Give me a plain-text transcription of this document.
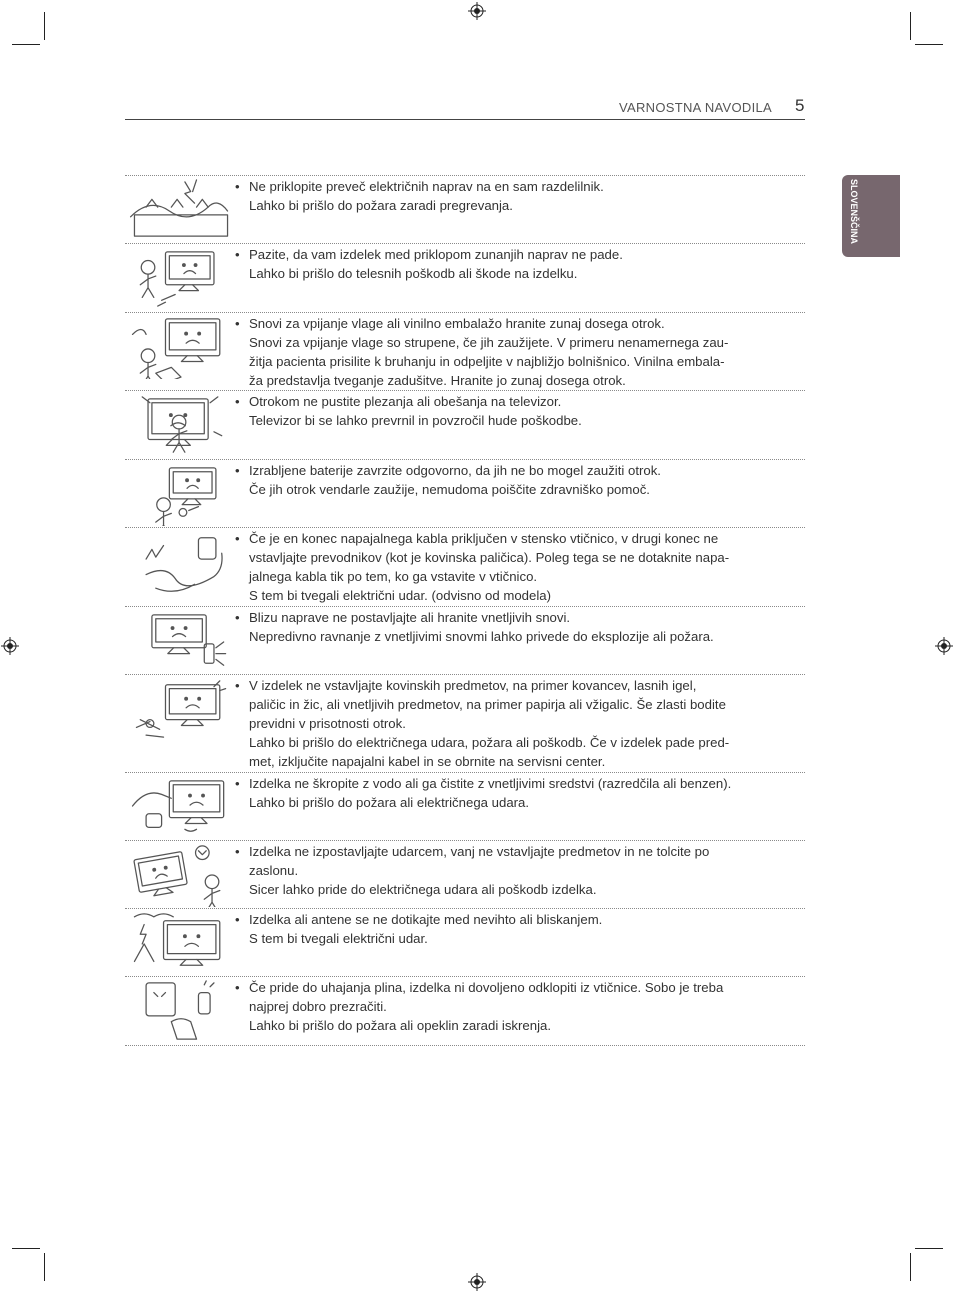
VARNOSTNA NAVODILA 5
SLOVENŠČINA
• Ne priklopite preveč električnih naprav na en sam razdelilnik.
Lahko bi prišlo do požara zaradi pregrevanja.
• Pazite, da vam izdelek med priklopom zunanjih naprav ne pade.
Lahko bi prišlo do telesnih poškodb ali škode na izdelku.
• Snovi za vpijanje vlage ali vinilno embalažo hranite zunaj dosega otrok.
Snovi za vpijanje vlage so strupene, če jih zaužijete. V primeru nenamernega zau-
žitja pacienta prisilite k bruhanju in odpeljite v najbližjo bolnišnico. Vinilna embala-
ža predstavlja tveganje zadušitve. Hranite jo zunaj dosega otrok.
• Otrokom ne pustite plezanja ali obešanja na televizor.
Televizor bi se lahko prevrnil in povzročil hude poškodbe.
• Izrabljene baterije zavrzite odgovorno, da jih ne bo mogel zaužiti otrok.
Če jih otrok vendarle zaužije, nemudoma poiščite zdravniško pomoč.
• Če je en konec napajalnega kabla priključen v stensko vtičnico, v drugi konec ne
vstavljajte prevodnikov (kot je kovinska paličica). Poleg tega se ne dotaknite napa-
jalnega kabla tik po tem, ko ga vstavite v vtičnico.
S tem bi tvegali električni udar. (odvisno od modela)
• Blizu naprave ne postavljajte ali hranite vnetljivih snovi.
Nepredivno ravnanje z vnetljivimi snovmi lahko privede do eksplozije ali požara.
• V izdelek ne vstavljajte kovinskih predmetov, na primer kovancev, lasnih igel,
paličic in žic, ali vnetljivih predmetov, na primer papirja ali vžigalic. Še zlasti bodite
previdni v prisotnosti otrok.
Lahko bi prišlo do električnega udara, požara ali poškodb. Če v izdelek pade pred-
met, izključite napajalni kabel in se obrnite na servisni center.
• Izdelka ne škropite z vodo ali ga čistite z vnetljivimi sredstvi (razredčila ali benzen).
Lahko bi prišlo do požara ali električnega udara.
• Izdelka ne izpostavljajte udarcem, vanj ne vstavljajte predmetov in ne tolcite po
zaslonu.
Sicer lahko pride do električnega udara ali poškodb izdelka.
• Izdelka ali antene se ne dotikajte med nevihto ali bliskanjem.
S tem bi tvegali električni udar.
• Če pride do uhajanja plina, izdelka ni dovoljeno odklopiti iz vtičnice. Sobo je treba
najprej dobro prezračiti.
Lahko bi prišlo do požara ali opeklin zaradi iskrenja.
